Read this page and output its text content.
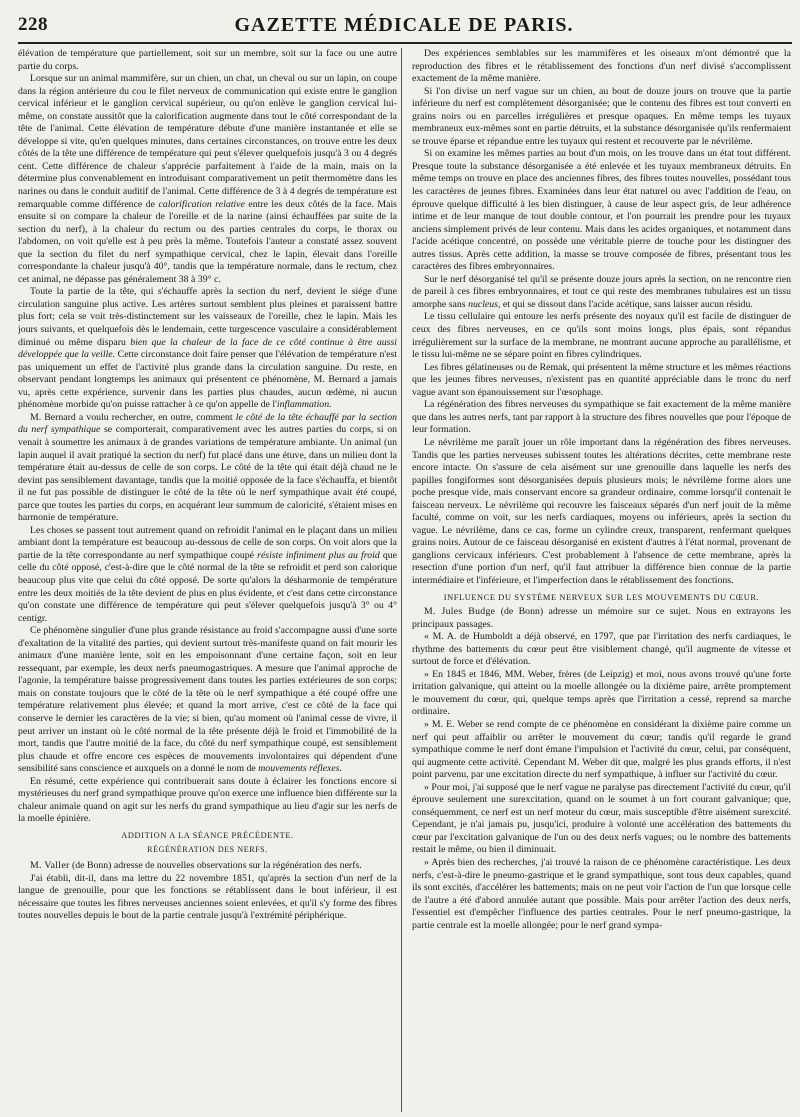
228	GAZETTE MÉDICALE DE PARIS.

élévation de température que partiellement, soit sur un membre, soit sur la face ou une autre partie du corps.

Lorsque sur un animal mammifère, sur un chien, un chat, un cheval ou sur un lapin, on coupe dans la région antérieure du cou le filet nerveux de communication qui existe entre le ganglion cervical inférieur et le ganglion cervical supérieur, ou qu'on enlève le ganglion cervical lui-même, on constate aussitôt que la calorification augmente dans tout le côté correspondant de la tête de l'animal. Cette élévation de température débute d'une manière instantanée et elle se développe si vite, qu'en quelques minutes, dans certaines circonstances, on trouve entre les deux côtés de la tête une différence de température qui peut s'élever quelquefois jusqu'à 3 ou 4 degrés cent. Cette différence de chaleur s'apprécie parfaitement à l'aide de la main, mais on la détermine plus convenablement en introduisant comparativement un petit thermomètre dans les narines ou dans le conduit auditif de l'animal. Cette différence de 3 à 4 degrés de température est remarquable comme différence de calorification relative entre les deux côtés de la face. Mais ensuite si on compare la chaleur de l'oreille et de la narine (ainsi échauffées par suite de la section du nerf), à la chaleur du rectum ou des parties centrales du corps, le thorax ou l'abdomen, on voit qu'elle est à peu près la même. Toutefois l'auteur a constaté assez souvent que la section du filet du nerf sympathique cervical, chez le lapin, élevait dans l'oreille correspondante la chaleur jusqu'à 40°, tandis que la température normale, dans le rectum, chez cet animal, ne dépasse pas généralement 38 à 39° c.

Toute la partie de la tête, qui s'échauffe après la section du nerf, devient le siége d'une circulation sanguine plus active. Les artères surtout semblent plus pleines et paraissent battre plus fort; cela se voit très-distinctement sur les vaisseaux de l'oreille, chez le lapin. Mais les jours suivants, et quelquefois dès le lendemain, cette turgescence vasculaire a considérablement diminué ou même disparu bien que la chaleur de la face de ce côté continue à être aussi développée que la veille. Cette circonstance doit faire penser que l'élévation de température n'est pas uniquement un effet de l'activité plus grande dans la circulation sanguine. Du reste, en observant pendant longtemps les animaux qui présentent ce phénomène, M. Bernard a jamais vu, après cette expérience, survenir dans les parties plus chaudes, aucun œdème, ni aucun phénomène morbide qu'on puisse rattacher à ce qu'on appelle de l'inflammation.

M. Bernard a voulu rechercher, en outre, comment le côté de la tête échauffé par la section du nerf sympathique se comporterait, comparativement avec les autres parties du corps, si on venait à soumettre les animaux à de grandes variations de température ambiante. Un animal (un lapin auquel il avait pratiqué la section du nerf) fut placé dans une étuve, dans un milieu dont la température était au-dessus de celle de son corps. Le côté de la tête qui était déjà chaud ne le devint pas sensiblement davantage, tandis que la moitié opposée de la face s'échauffa, et bientôt il ne fut pas possible de distinguer le côté de la tête où le nerf sympathique avait été coupé, parce que toutes les parties du corps, en acquérant leur summum de caloricité, s'étaient mises en harmonie de température.

Les choses se passent tout autrement quand on refroidit l'animal en le plaçant dans un milieu ambiant dont la température est beaucoup au-dessous de celle de son corps. On voit alors que la partie de la tête correspondante au nerf sympathique coupé résiste infiniment plus au froid que celle du côté opposé, c'est-à-dire que le côté normal de la tête se refroidit et perd son calorique beaucoup plus vite que celui du côté opposé. De sorte qu'alors la désharmonie de température entre les deux moitiés de la tête devient de plus en plus évidente, et c'est dans cette circonstance qu'on constate une différence de température qui peut s'élever quelquefois jusqu'à 3° ou 4° centigr.

Ce phénomène singulier d'une plus grande résistance au froid s'accompagne aussi d'une sorte d'exaltation de la vitalité des parties, qui devient surtout très-manifeste quand on fait mourir les animaux d'une manière lente, soit en les empoisonnant d'une certaine façon, soit en leur ressequant, par exemple, les deux nerfs pneumogastriques. A mesure que l'animal approche de l'agonie, la température baisse progressivement dans toutes les parties extérieures de son corps; mais on constate toujours que le côté de la tête où le nerf sympathique a été coupé offre une température relativement plus élevée; et quand la mort arrive, c'est ce côté de la face qui conserve le dernier les caractères de la vie; si bien, qu'au moment où l'animal cesse de vivre, il peut arriver un instant où le côté normal de la tête présente déjà le froid et l'immobilité de la mort, tandis que l'autre moitié de la face, du côté du nerf sympathique coupé, est sensiblement plus chaude et offre encore ces espèces de mouvements involontaires qui dépendent d'une sensibilité sans conscience et auxquels on a donné le nom de mouvements réflexes.

En résumé, cette expérience qui contribuerait sans doute à éclairer les fonctions encore si mystérieuses du nerf grand sympathique prouve qu'on exerce une influence bien différente sur la chaleur animale quand on agit sur les nerfs du grand sympathique au lieu d'agir sur les nerfs de la moelle épinière.

ADDITION A LA SÉANCE PRÉCÉDENTE.
RÉGÉNÉRATION DES NERFS.

M. Valler (de Bonn) adresse de nouvelles observations sur la régénération des nerfs.

J'ai établi, dit-il, dans ma lettre du 22 novembre 1851, qu'après la section d'un nerf de la langue de grenouille, pour que les fonctions se rétablissent dans le bout inférieur, il est nécessaire que toutes les fibres nerveuses anciennes soient enlevées, et qu'il s'y forme des fibres toutes nouvelles depuis le bout de la partie centrale jusqu'à l'extrémité périphérique.

Des expériences semblables sur les mammifères et les oiseaux m'ont démontré que la reproduction des fibres et le rétablissement des fonctions d'un nerf divisé s'accomplissent exactement de la même manière.

Si l'on divise un nerf vague sur un chien, au bout de douze jours on trouve que la partie inférieure du nerf est complètement désorganisée; que le contenu des fibres est tout converti en grains noirs ou en parcelles irrégulières et presque opaques. En même temps les tuyaux membraneux eux-mêmes sont en partie détruits, et la substance désorganisée qu'ils renfermaient se trouve éparse et répandue entre les tuyaux qui restent et recouverte par le névrilème.

Si on examine les mêmes parties au bout d'un mois, on les trouve dans un état tout différent. Presque toute la substance désorganisée a été enlevée et les tuyaux membraneux détruits. En même temps on trouve en place des anciennes fibres, des fibres toutes nouvelles, possédant tous les caractères de jeunes fibres. Examinées dans leur état naturel ou avec l'addition de l'eau, on éprouve quelque difficulté à les bien distinguer, à cause de leur aspect gris, de leur adhérence intime et de leur manque de tout double contour, et l'on pourrait les prendre pour les tuyaux anciens simplement privés de leur contenu. Mais dans les acides organiques, et notamment dans l'acide acétique concentré, on possède une véritable pierre de touche pour les distinguer des autres tissus. Après cette addition, la masse se trouve composée de fibres, présentant tous les caractères des fibres embryonnaires.

Sur le nerf désorganisé tel qu'il se présente douze jours après la section, on ne rencontre rien de pareil à ces fibres embryonnaires, et tout ce qui reste des membranes tubulaires est un tissu amorphe sans nucleus, et qui se dissout dans l'acide acétique, sans laisser aucun résidu.

Le tissu cellulaire qui entoure les nerfs présente des noyaux qu'il est facile de distinguer de ceux des fibres nerveuses, en ce qu'ils sont moins longs, plus épais, sont répandus irrégulièrement sur la surface de la membrane, ne montrant aucune approche au parallélisme, et le tissu lui-même ne se sépare point en fibres cylindriques.

Les fibres gélatineuses ou de Remak, qui présentent la même structure et les mêmes réactions que les jeunes fibres nerveuses, n'existent pas en quantité appréciable dans le tronc du nerf vague avant son épanouissement sur l'œsophage.

La régénération des fibres nerveuses du sympathique se fait exactement de la même manière que dans les autres nerfs, tant par rapport à la structure des fibres nouvelles que pour l'époque de leur formation.

Le névrilème me paraît jouer un rôle important dans la régénération des fibres nerveuses. Tandis que les parties nerveuses subissent toutes les altérations décrites, cette membrane reste encore intacte. On s'assure de cela aisément sur une grenouille dans laquelle les nerfs des papilles fongiformes sont désorganisées depuis plusieurs mois; le névrilème forme alors une poche presque vide, mais conservant encore sa grandeur ordinaire, comme lorsqu'il contenait le faisceau nerveux. Le névrilème qui recouvre les faisceaux séparés d'un nerf jouit de la même faculté, comme on voit, sur les nerfs cardiaques, moyens ou inférieurs, après la section du vague. Le névrilème, dans ce cas, forme un cylindre creux, transparent, renfermant quelques grains noirs. Autour de ce faisceau désorganisé en existent d'autres à l'état normal, provenant de ganglions cervicaux inférieurs. C'est probablement à l'absence de cette membrane, après la resection d'une portion d'un nerf, qu'il faut attribuer la différence bien connue de la partie intermédiaire et l'inférieure, et l'imperfection dans le rétablissement des fonctions.

INFLUENCE DU SYSTÈME NERVEUX SUR LES MOUVEMENTS DU CŒUR.

M. Jules Budge (de Bonn) adresse un mémoire sur ce sujet. Nous en extrayons les principaux passages.

« M. A. de Humboldt a déjà observé, en 1797, que par l'irritation des nerfs cardiaques, le rhythme des battements du cœur peut être visiblement changé, qu'il augmente de vitesse et surtout de force et d'élévation.

» En 1845 et 1846, MM. Weber, frères (de Leipzig) et moi, nous avons trouvé qu'une forte irritation galvanique, qui atteint ou la moelle allongée ou la dixième paire, arrête promptement le mouvement du cœur, qui, quelque temps après que l'irritation a cessé, reprend sa marche ordinaire.

» M. E. Weber se rend compte de ce phénomène en considérant la dixième paire comme un nerf qui peut affaiblir ou arrêter le mouvement du cœur; tandis qu'il regarde le grand sympathique comme le nerf dont émane l'impulsion et l'activité du cœur, celui, par conséquent, qui augmente cette activité. Cependant M. Weber dit que, malgré les plus grands efforts, il n'est point parvenu, par une excitation directe du nerf sympathique, à influer sur l'activité du cœur.

» Pour moi, j'ai supposé que le nerf vague ne paralyse pas directement l'activité du cœur, qu'il éprouve seulement une surexcitation, quand on le soumet à un fort courant galvanique; que, conséquemment, ce nerf est un nerf moteur du cœur, mais susceptible d'être aisément surexcité. Cependant, je n'ai jamais pu, jusqu'ici, produire à volonté une accélération des battements du cœur par l'excitation galvanique de l'un ou des deux nerfs vagues; ou le nombre des battements restait le même, ou bien il diminuait.

» Après bien des recherches, j'ai trouvé la raison de ce phénomène caractéristique. Les deux nerfs, c'est-à-dire le pneumo-gastrique et le grand sympathique, sont tous deux capables, quand ils sont excités, d'accélérer les battements; mais on ne peut voir l'action de l'un que lorsque celle de l'autre a été d'abord annulée autant que possible. Mais pour arrêter l'action des deux nerfs, l'essentiel est d'empêcher l'influence des parties centrales. Pour le nerf pneumo-gastrique, la partie centrale est la moelle allongée; pour le nerf grand sympa-
